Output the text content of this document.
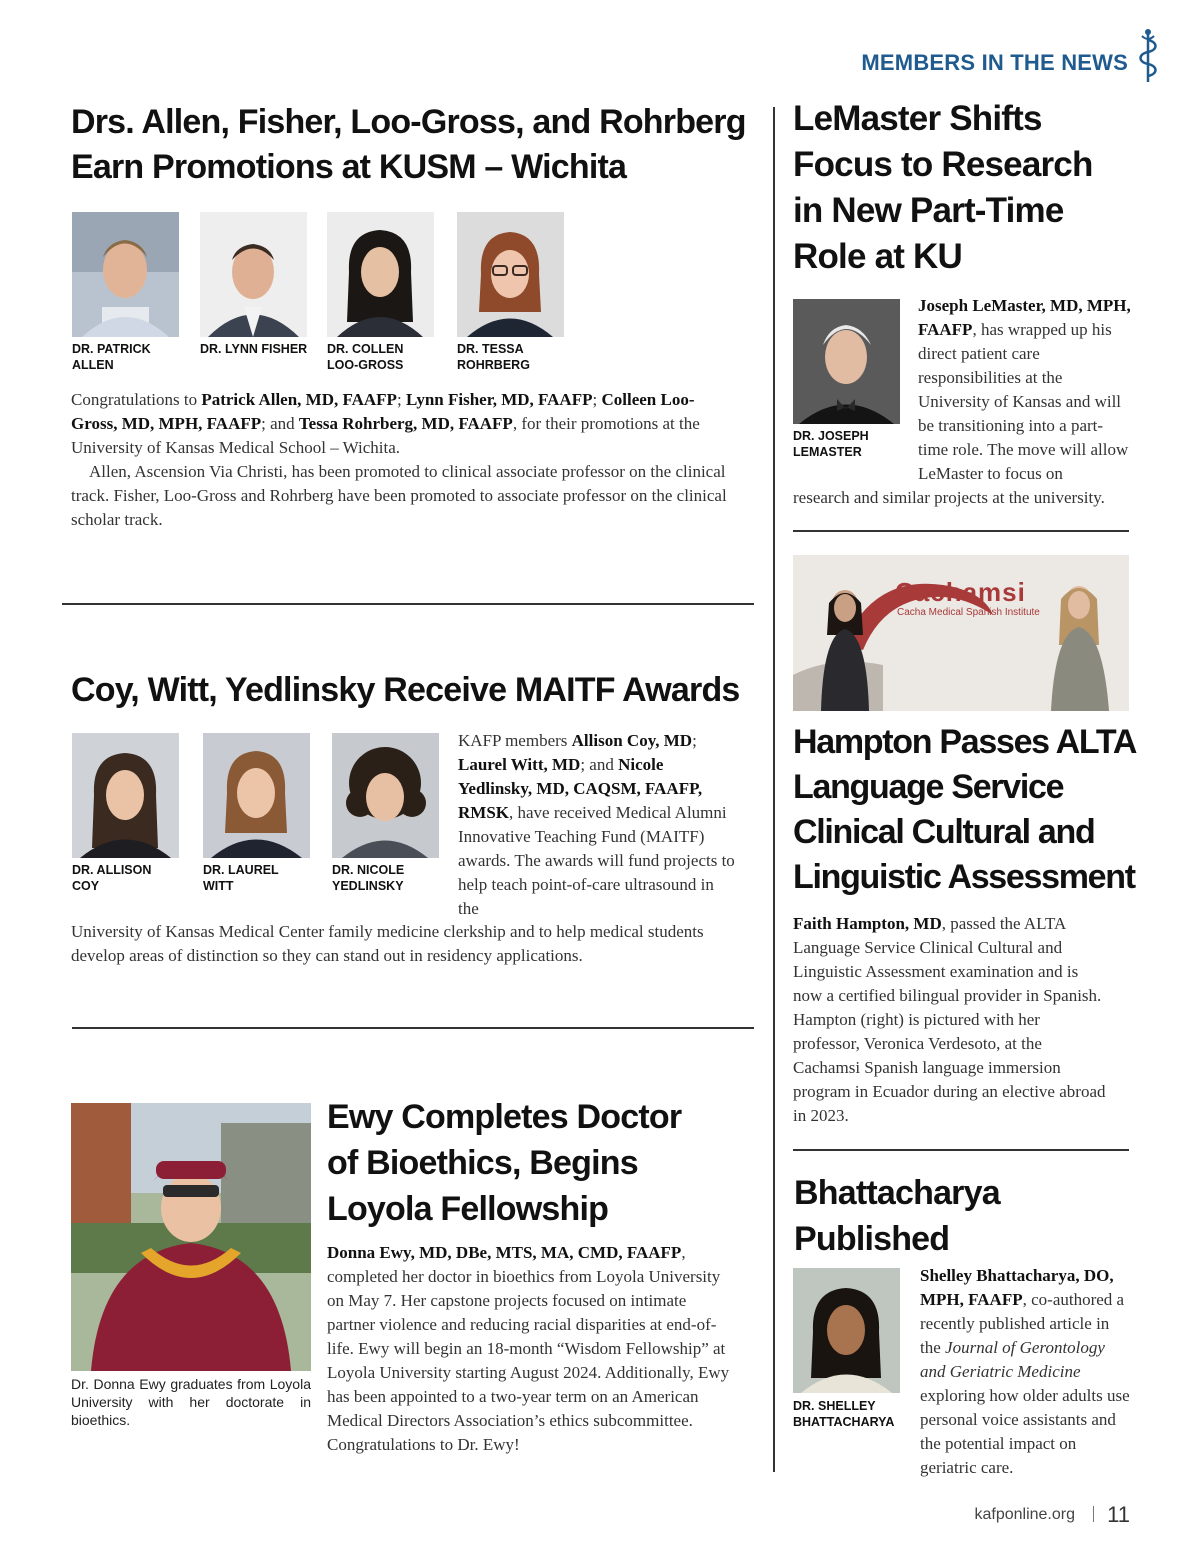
MEMBERS IN THE NEWS
Drs. Allen, Fisher, Loo-Gross, and Rohrberg
Earn Promotions at KUSM – Wichita
DR. PATRICK
ALLEN
DR. LYNN FISHER DR. COLLEN
LOO-GROSS
DR. TESSA
ROHRBERG

Congratulations to Patrick Allen, MD, FAAFP; Lynn Fisher, MD, FAAFP; Colleen Loo-Gross, MD, MPH, FAAFP; and Tessa Rohrberg, MD, FAAFP, for their promotions at the University of Kansas Medical School – Wichita.

Allen, Ascension Via Christi, has been promoted to clinical associate professor on the clinical track. Fisher, Loo-Gross and Rohrberg have been promoted to associate professor on the clinical scholar track.

Coy, Witt, Yedlinsky Receive MAITF Awards
DR. ALLISON
COY
DR. LAUREL
WITT
DR. NICOLE
YEDLINSKY

KAFP members Allison Coy, MD; Laurel Witt, MD; and Nicole Yedlinsky, MD, CAQSM, FAAFP, RMSK, have received Medical Alumni Innovative Teaching Fund (MAITF) awards. The awards will fund projects to help teach point-of-care ultrasound in the

University of Kansas Medical Center family medicine clerkship and to help medical students develop areas of distinction so they can stand out in residency applications.

Dr. Donna Ewy graduates from Loyola University with her doctorate in bioethics.
Ewy Completes Doctor
of Bioethics, Begins
Loyola Fellowship

Donna Ewy, MD, DBe, MTS, MA, CMD, FAAFP, completed her doctor in bioethics from Loyola University on May 7. Her capstone projects focused on intimate partner violence and reducing racial disparities at end-of-life. Ewy will begin an 18-month “Wisdom Fellowship” at Loyola University starting August 2024. Additionally, Ewy has been appointed to a two-year term on an American Medical Directors Association’s ethics subcommittee. Congratulations to Dr. Ewy!

LeMaster Shifts
Focus to Research
in New Part-Time
Role at KU
DR. JOSEPH
LEMASTER

Joseph LeMaster, MD, MPH, FAAFP, has wrapped up his direct patient care responsibilities at the University of Kansas and will be transitioning into a part-time role. The move will allow LeMaster to focus on

research and similar projects at the university.

Cachamsi
Cacha Medical Spanish Institute
Hampton Passes ALTA
Language Service
Clinical Cultural and
Linguistic Assessment

Faith Hampton, MD, passed the ALTA Language Service Clinical Cultural and Linguistic Assessment examination and is now a certified bilingual provider in Spanish. Hampton (right) is pictured with her professor, Veronica Verdesoto, at the Cachamsi Spanish language immersion program in Ecuador during an elective abroad in 2023.

Bhattacharya
Published
DR. SHELLEY
BHATTACHARYA

Shelley Bhattacharya, DO, MPH, FAAFP, co-authored a recently published article in the Journal of Gerontology and Geriatric Medicine exploring how older adults use personal voice assistants and the potential impact on geriatric care.

kafponline.org 11
